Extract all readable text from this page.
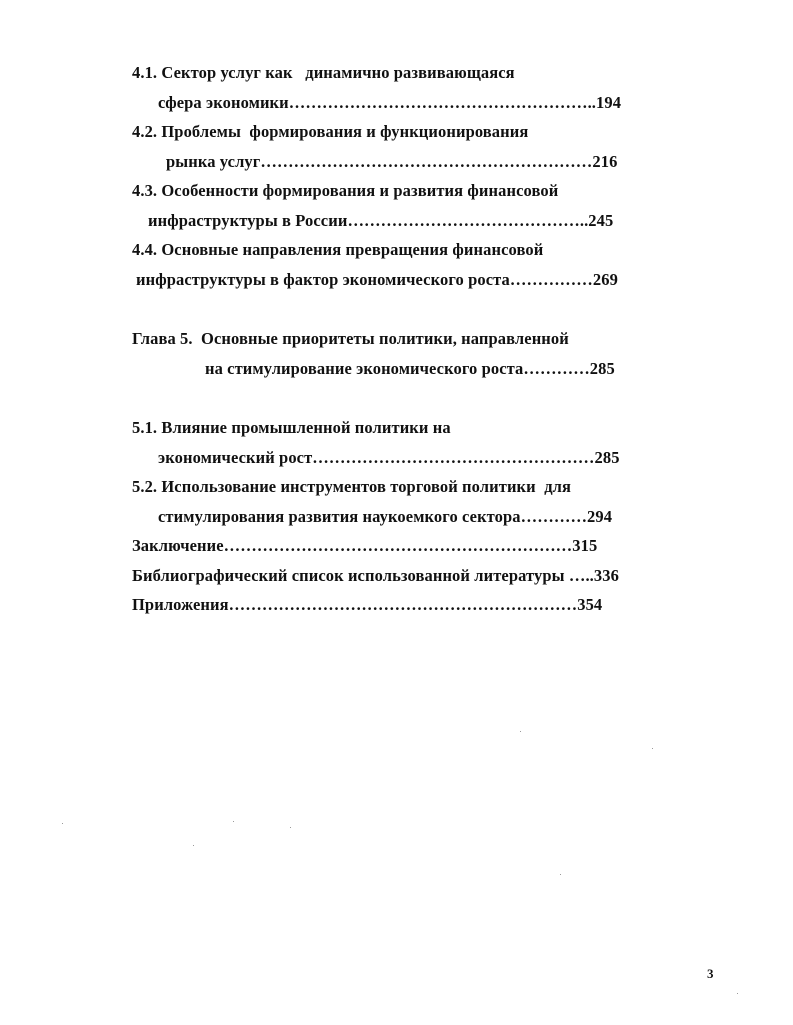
4.1. Сектор услуг как   динамично развивающаяся
сфера экономики………………………………………………..194
4.2. Проблемы  формирования и функционирования
рынка услуг……………………………………………………216
4.3. Особенности формирования и развития финансовой
инфраструктуры в России……………………………………..245
4.4. Основные направления превращения финансовой
инфраструктуры в фактор экономического роста……………269
Глава 5.  Основные приоритеты политики, направленной
на стимулирование экономического роста…………285
5.1. Влияние промышленной политики на
экономический рост……………………………………………285
5.2. Использование инструментов торговой политики  для
стимулирования развития наукоемкого сектора…………294
Заключение………………………………………………………315
Библиографический список использованной литературы …..336
Приложения………………………………………………………354
3
